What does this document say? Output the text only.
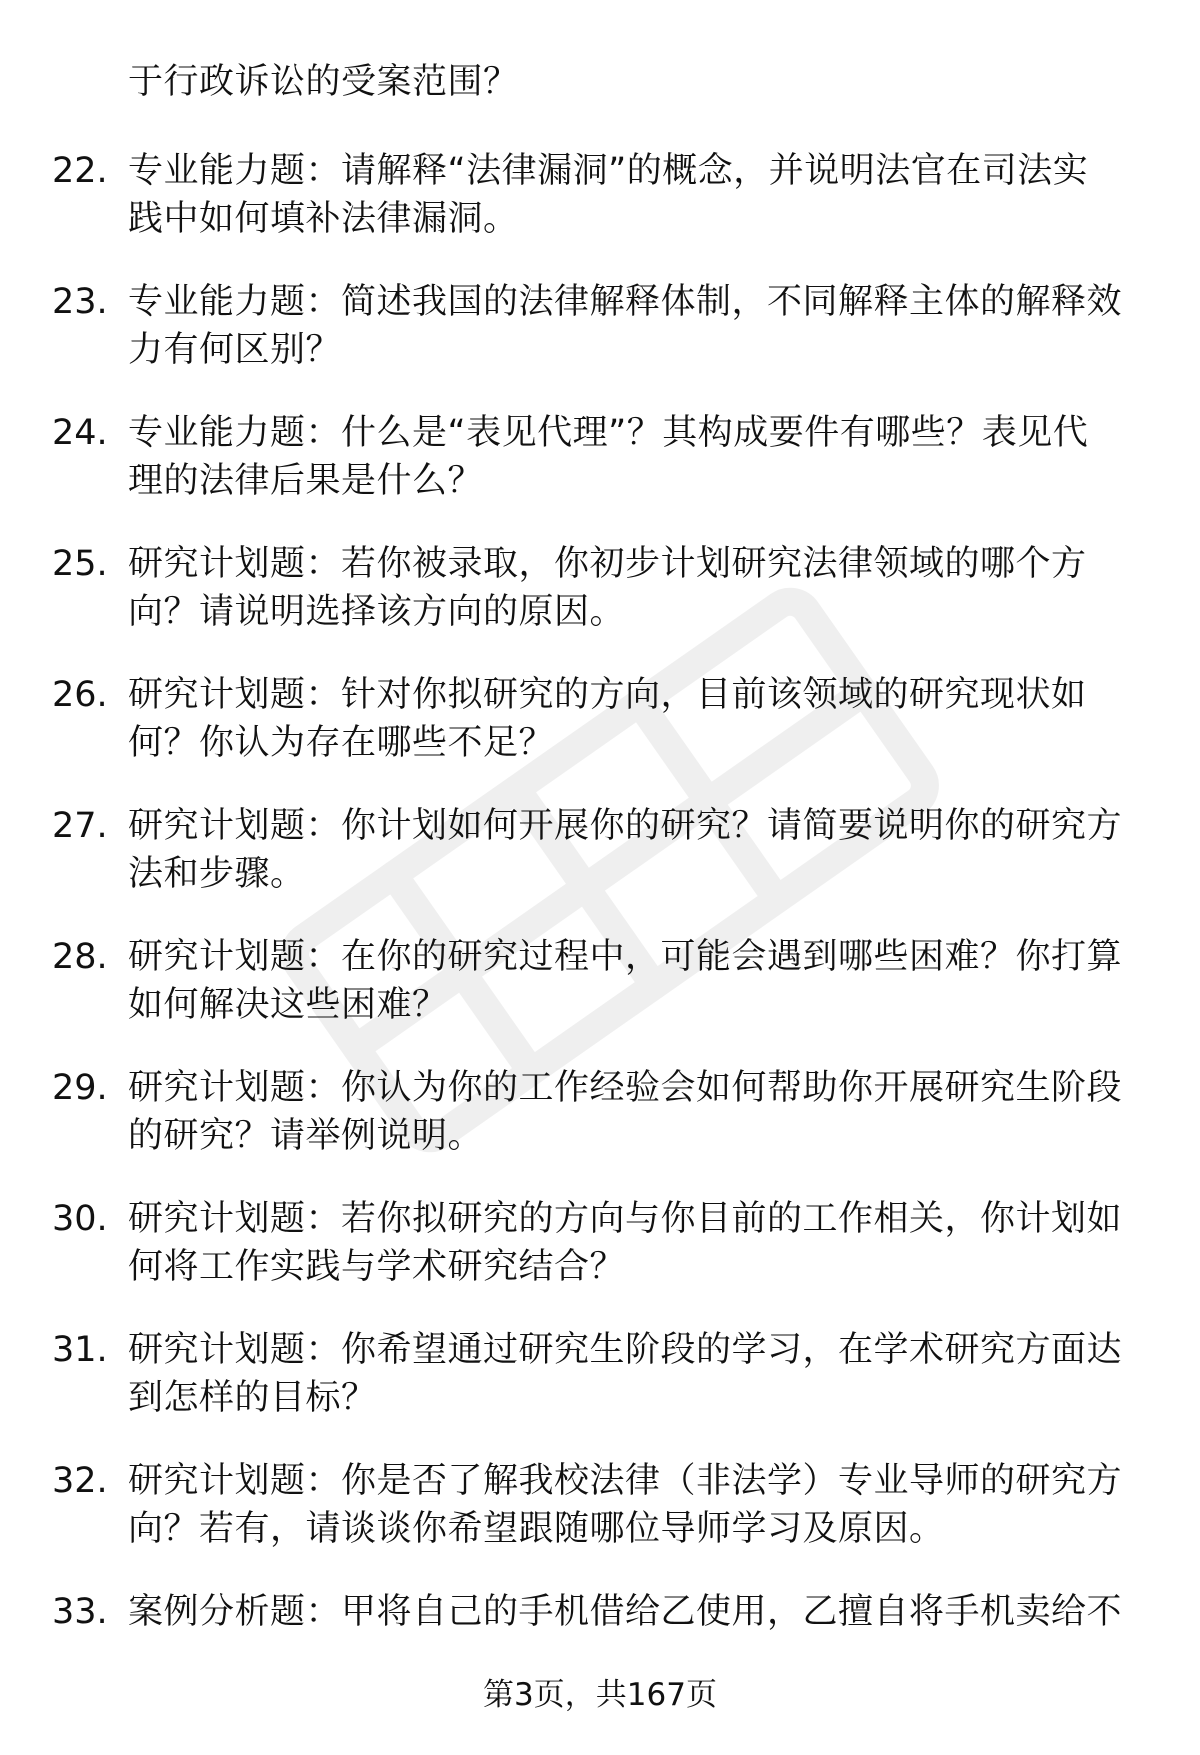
于行政诉讼的受案范围？
22. 专业能力题：请解释“法律漏洞”的概念，并说明法官在司法实
践中如何填补法律漏洞。
23. 专业能力题：简述我国的法律解释体制，不同解释主体的解释效
力有何区别？
24. 专业能力题：什么是“表见代理”？其构成要件有哪些？表见代
理的法律后果是什么？
25. 研究计划题：若你被录取，你初步计划研究法律领域的哪个方
向？请说明选择该方向的原因。
26. 研究计划题：针对你拟研究的方向，目前该领域的研究现状如
何？你认为存在哪些不足？
27. 研究计划题：你计划如何开展你的研究？请简要说明你的研究方
法和步骤。
28. 研究计划题：在你的研究过程中，可能会遇到哪些困难？你打算
如何解决这些困难？
29. 研究计划题：你认为你的工作经验会如何帮助你开展研究生阶段
的研究？请举例说明。
30. 研究计划题：若你拟研究的方向与你目前的工作相关，你计划如
何将工作实践与学术研究结合？
31. 研究计划题：你希望通过研究生阶段的学习，在学术研究方面达
到怎样的目标？
32. 研究计划题：你是否了解我校法律（非法学）专业导师的研究方
向？若有，请谈谈你希望跟随哪位导师学习及原因。
33. 案例分析题：甲将自己的手机借给乙使用，乙擅自将手机卖给不
第3页，共167页
